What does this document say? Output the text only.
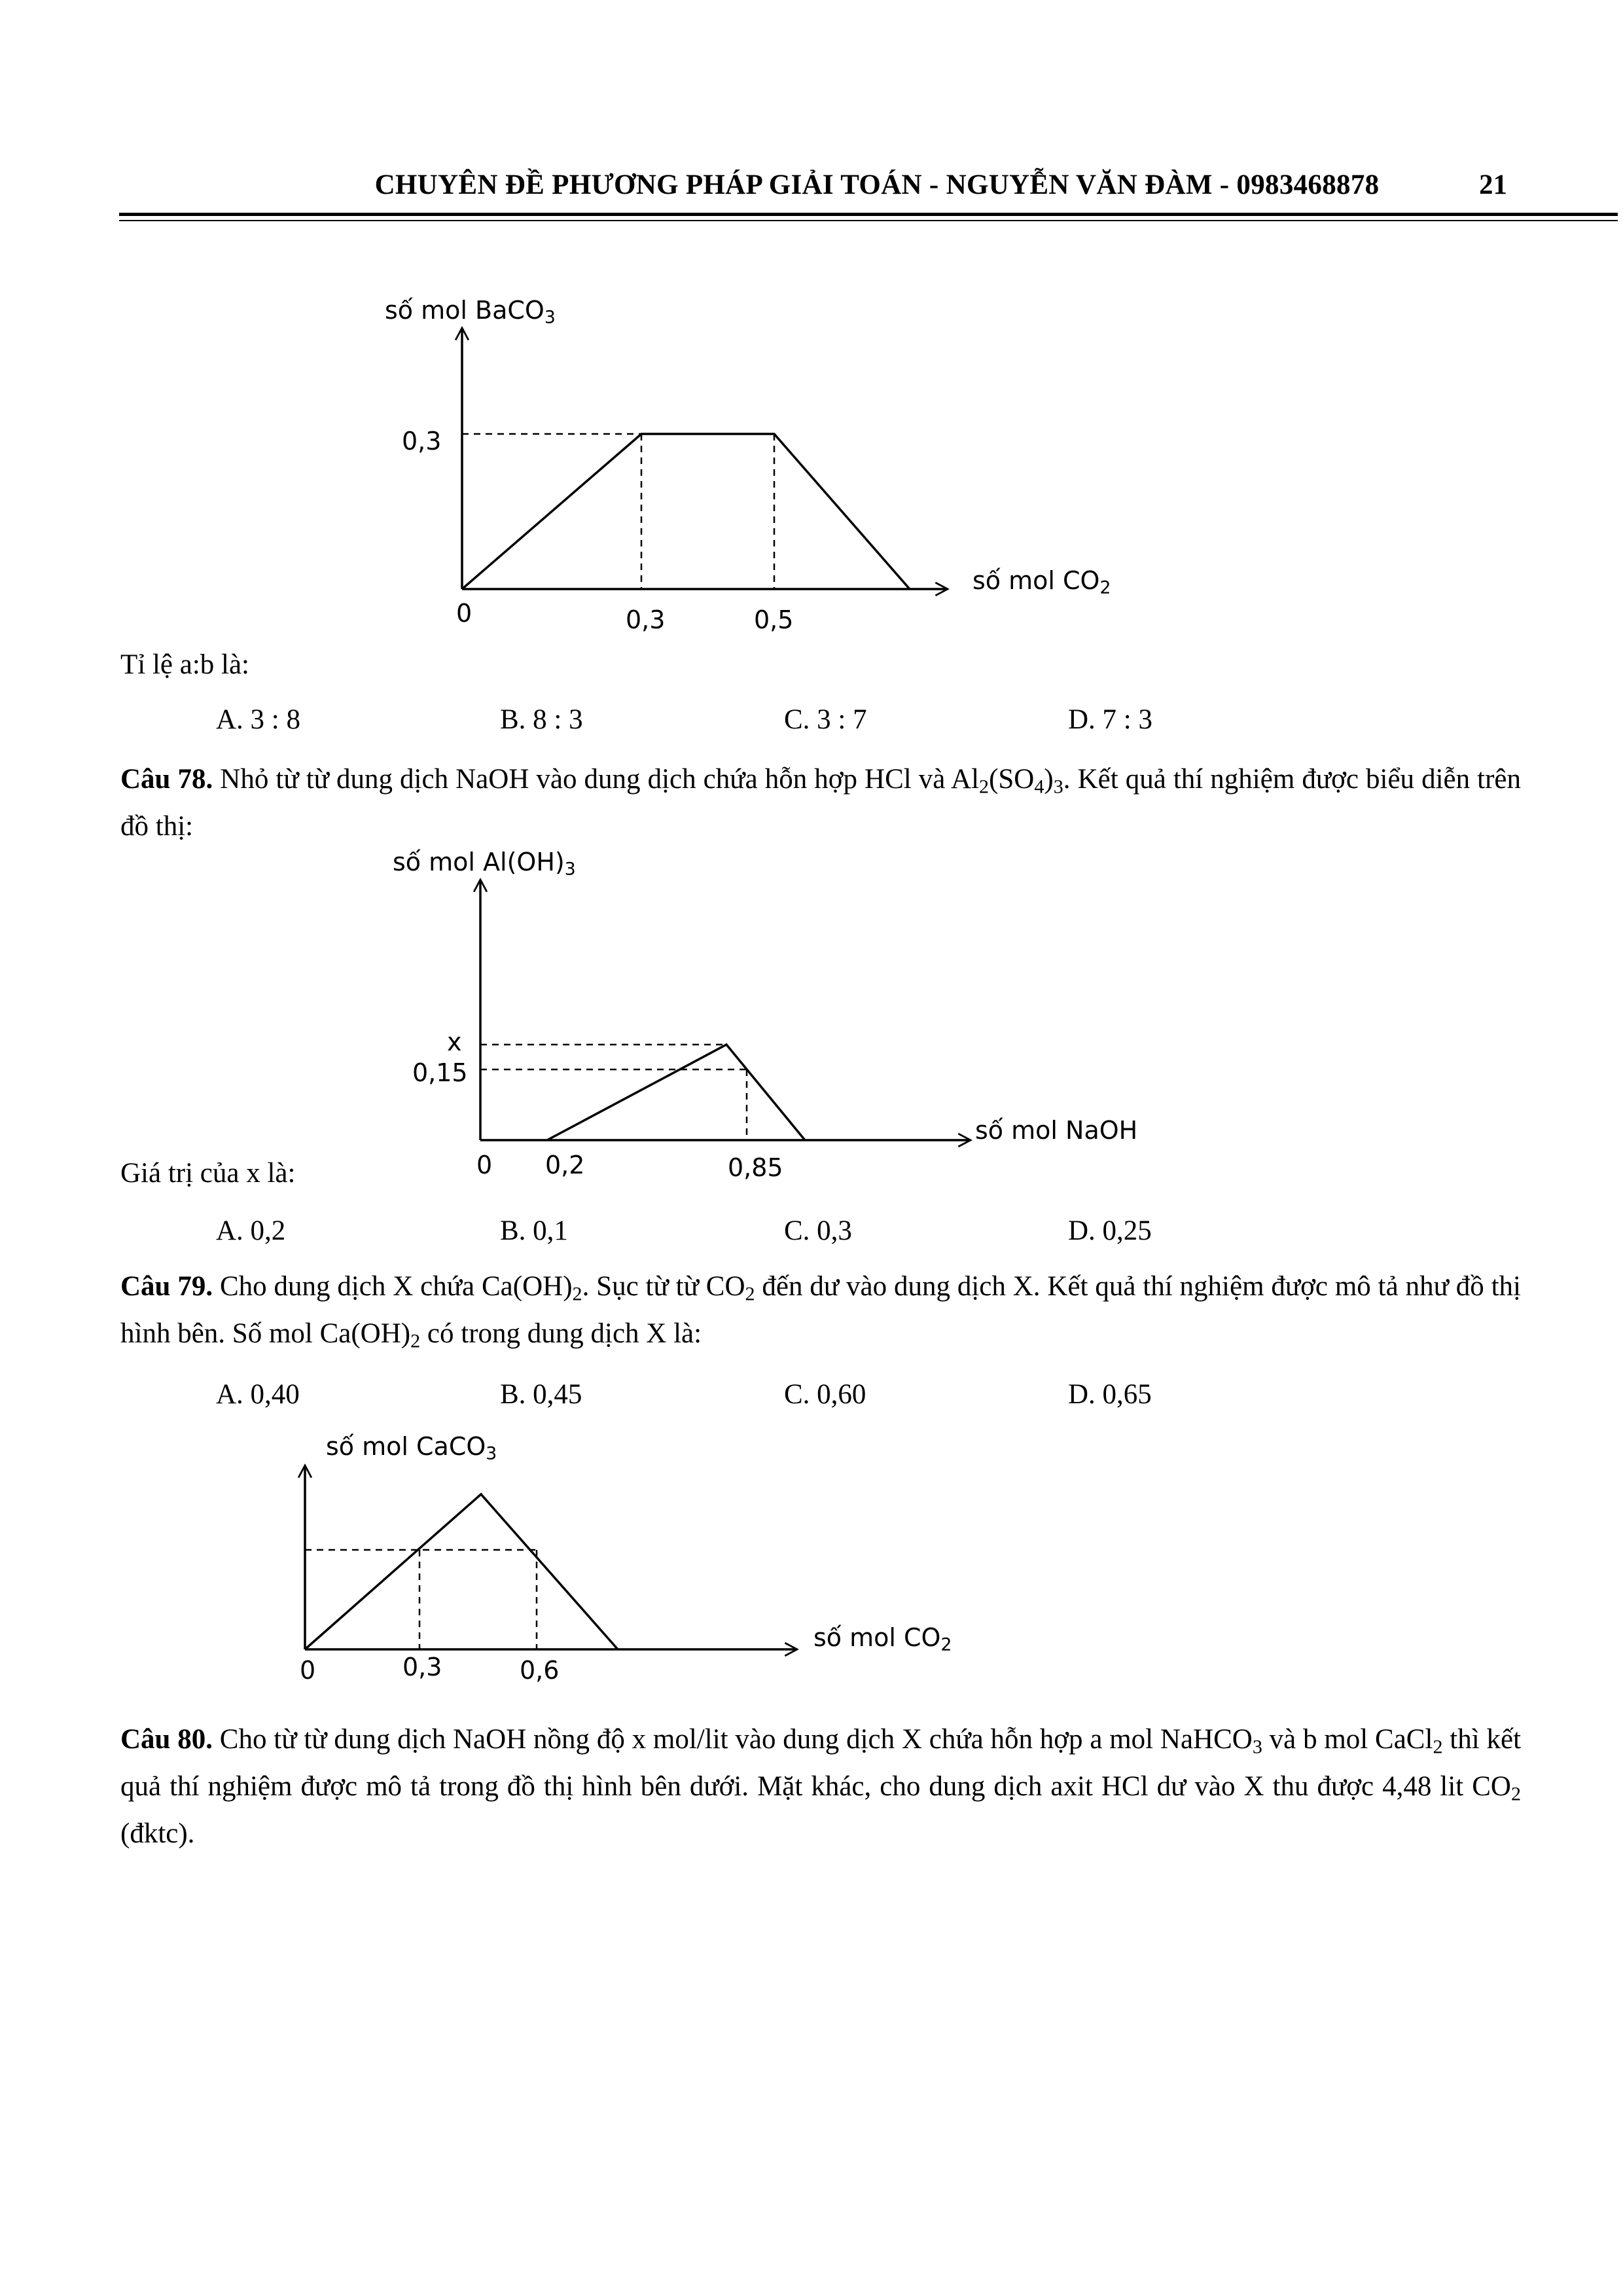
CHUYÊN ĐỀ PHƯƠNG PHÁP GIẢI TOÁN - NGUYỄN VĂN ĐÀM - 0983468878	21
số mol BaCO$_3$
0,3
0	0,3	0,5
số mol $CO_2$
Tỉ lệ a:b là:
A. 3 : 8	B. 8 : 3	C. 3 : 7	D. 7 : 3
Câu 78. Nhỏ từ từ dung dịch NaOH vào dung dịch chứa hỗn hợp HCl và $Al_2(SO_4)_3$. Kết quả thí nghiệm được biểu diễn trên đồ thị:
số mol $Al(OH)_3$
x
0,15
0 0,2	0,85
số mol NaOH
Giá trị của x là:
A. 0,2	B. 0,1	C. 0,3	D. 0,25
Câu 79. Cho dung dịch X chứa $Ca(OH)_2$. Sục từ từ $CO_2$ đến dư vào dung dịch X. Kết quả thí nghiệm được mô tả như đồ thị hình bên. Số mol $Ca(OH)_2$ có trong dung dịch X là:
A. 0,40	B. 0,45	C. 0,60	D. 0,65
số mol CaCO$_3$
0	0,3	0,6
số mol $CO_2$
Câu 80. Cho từ từ dung dịch NaOH nồng độ x mol/lit vào dung dịch X chứa hỗn hợp a mol NaHCO$_3$ và b mol CaCl$_2$ thì kết quả thí nghiệm được mô tả trong đồ thị hình bên dưới. Mặt khác, cho dung dịch axit HCl dư vào X thu được 4,48 lit $CO_2$ (đktc).
